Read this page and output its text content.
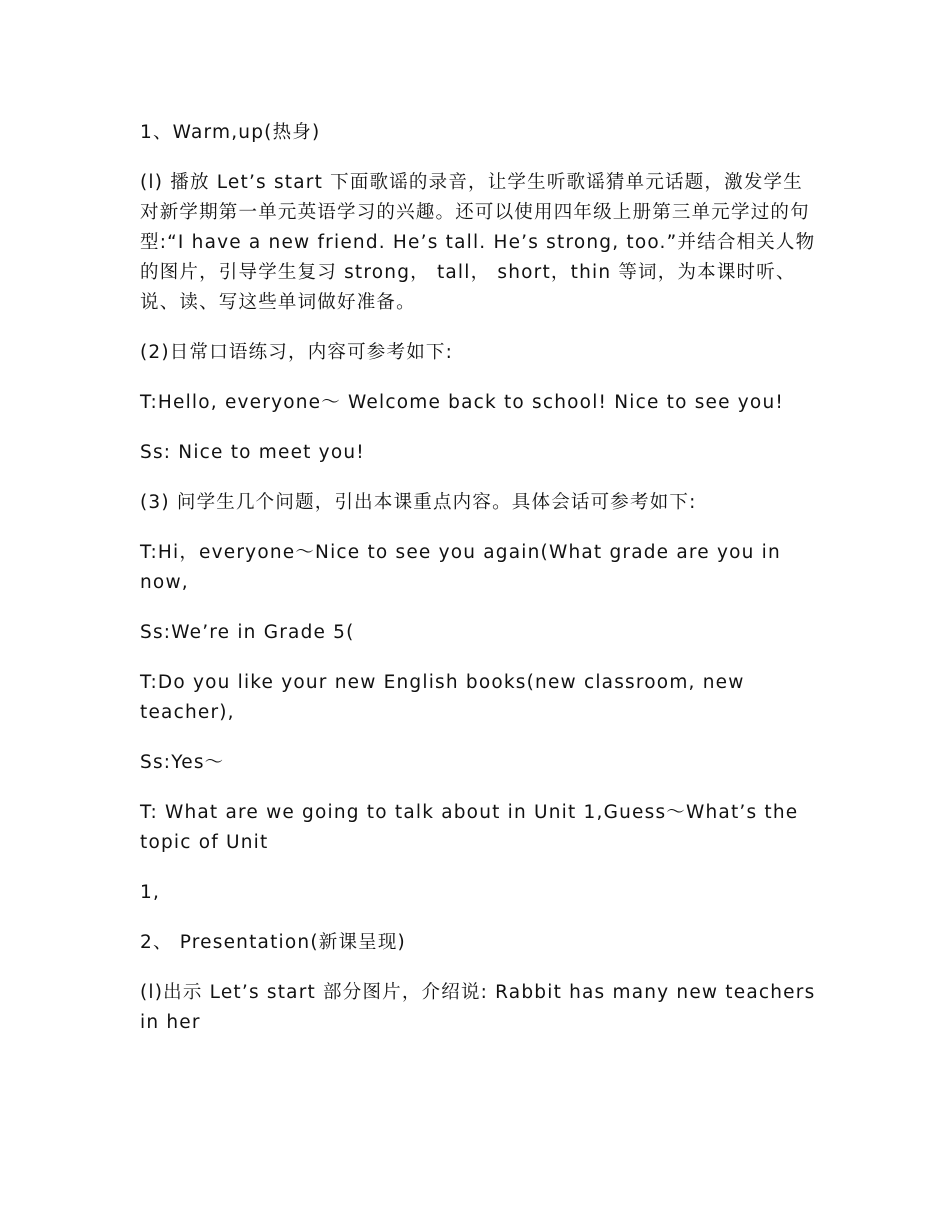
1、Warm,up(热身)

(l) 播放 Let’s start 下面歌谣的录音，让学生听歌谣猜单元话题，激发学生对新学期第一单元英语学习的兴趣。还可以使用四年级上册第三单元学过的句型:“I have a new friend. He’s tall. He’s strong, too.”并结合相关人物的图片，引导学生复习 strong， tall， short，thin 等词，为本课时听、说、读、写这些单词做好准备。

(2)日常口语练习，内容可参考如下:

T:Hello, everyone～ Welcome back to school! Nice to see you!

Ss: Nice to meet you!

(3) 问学生几个问题，引出本课重点内容。具体会话可参考如下:

T:Hi，everyone～Nice to see you again(What grade are you in now,

Ss:We’re in Grade 5(

T:Do you like your new English books(new classroom, new teacher),

Ss:Yes～

T: What are we going to talk about in Unit 1,Guess～What’s the topic of Unit

1,

2、 Presentation(新课呈现)

(l)出示 Let’s start 部分图片，介绍说: Rabbit has many new teachers in her
